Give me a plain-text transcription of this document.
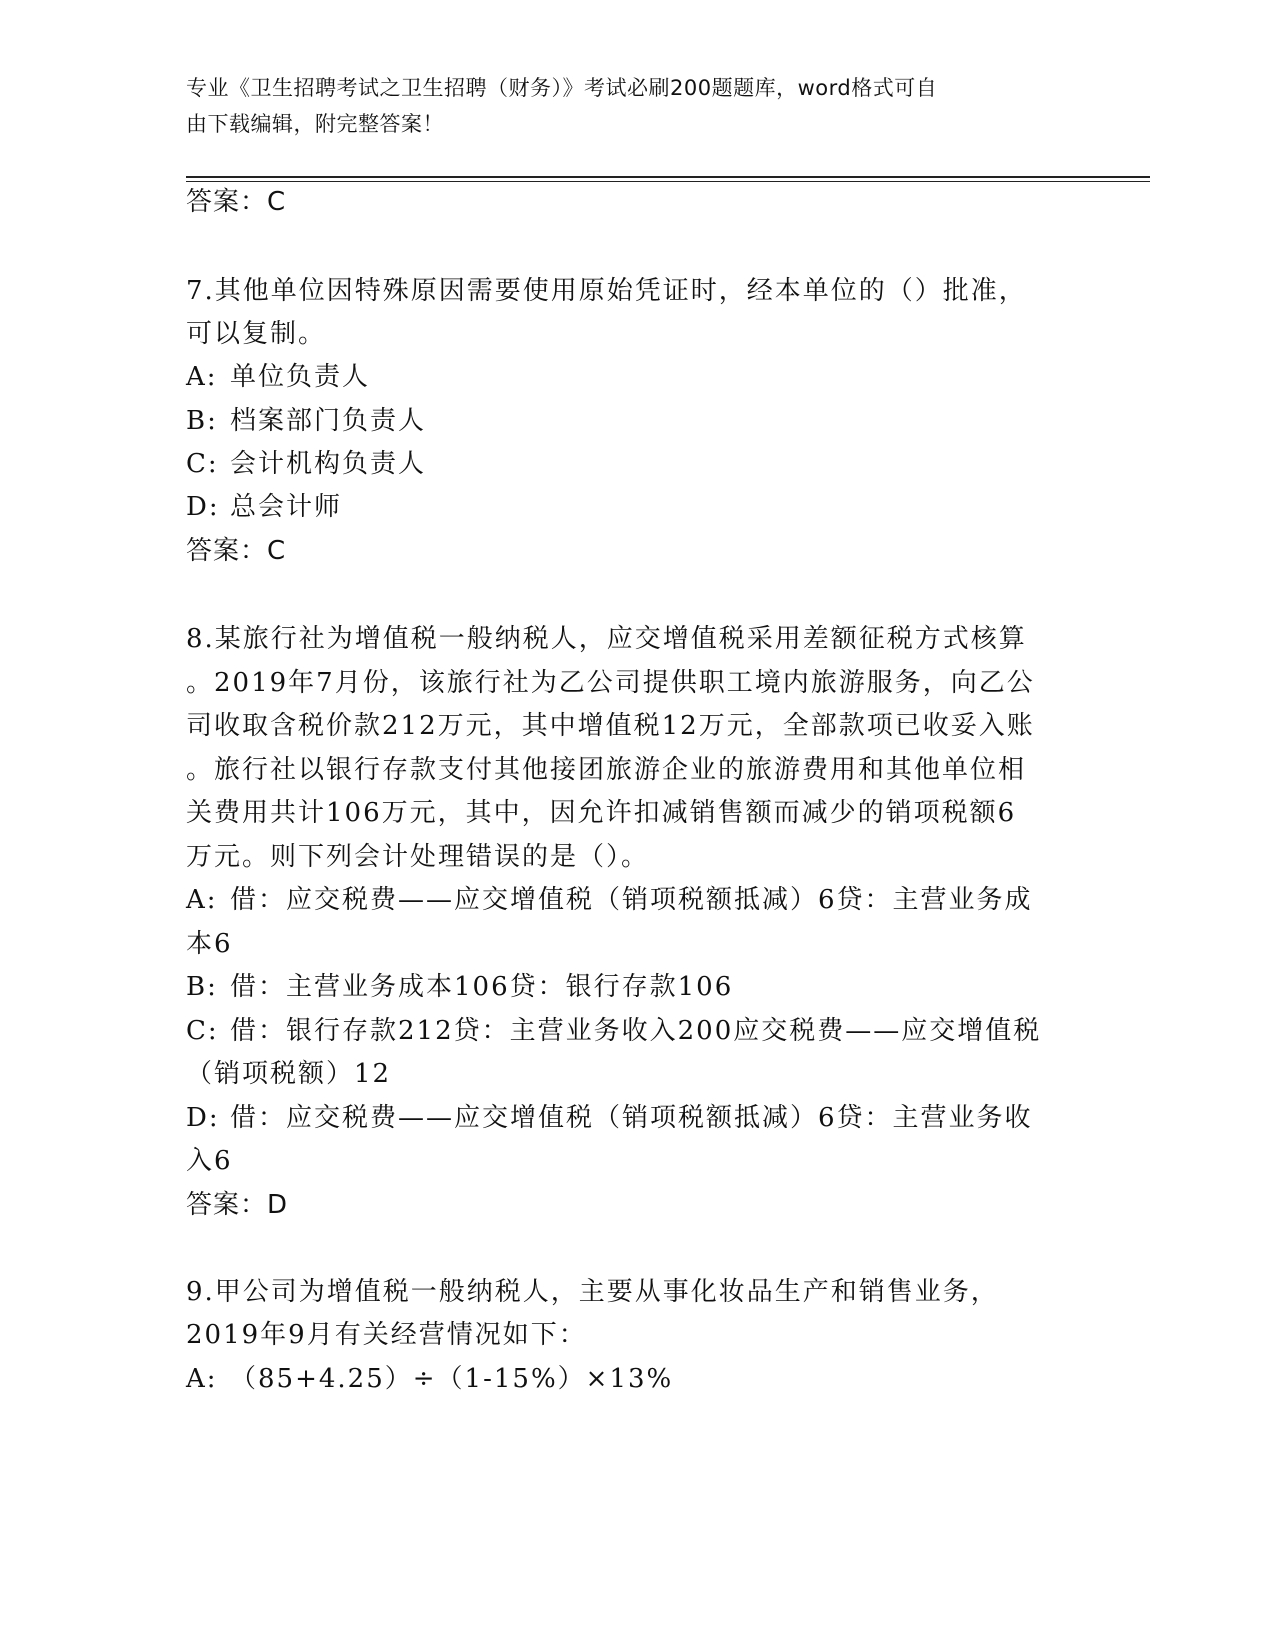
专业《卫生招聘考试之卫生招聘（财务）》考试必刷200题题库，word格式可自
由下载编辑，附完整答案！
答案：C
7.其他单位因特殊原因需要使用原始凭证时，经本单位的（）批准，
可以复制。
A: 单位负责人
B: 档案部门负责人
C: 会计机构负责人
D: 总会计师
答案：C
8.某旅行社为增值税一般纳税人，应交增值税采用差额征税方式核算
。2019年7月份，该旅行社为乙公司提供职工境内旅游服务，向乙公
司收取含税价款212万元，其中增值税12万元，全部款项已收妥入账
。旅行社以银行存款支付其他接团旅游企业的旅游费用和其他单位相
关费用共计106万元，其中，因允许扣减销售额而减少的销项税额6
万元。则下列会计处理错误的是（）。
A: 借：应交税费——应交增值税（销项税额抵减）6贷：主营业务成
本6
B: 借：主营业务成本106贷：银行存款106
C: 借：银行存款212贷：主营业务收入200应交税费——应交增值税
（销项税额）12
D: 借：应交税费——应交增值税（销项税额抵减）6贷：主营业务收
入6
答案：D
9.甲公司为增值税一般纳税人，主要从事化妆品生产和销售业务，
2019年9月有关经营情况如下：
A: （85+4.25）÷（1-15%）×13%
